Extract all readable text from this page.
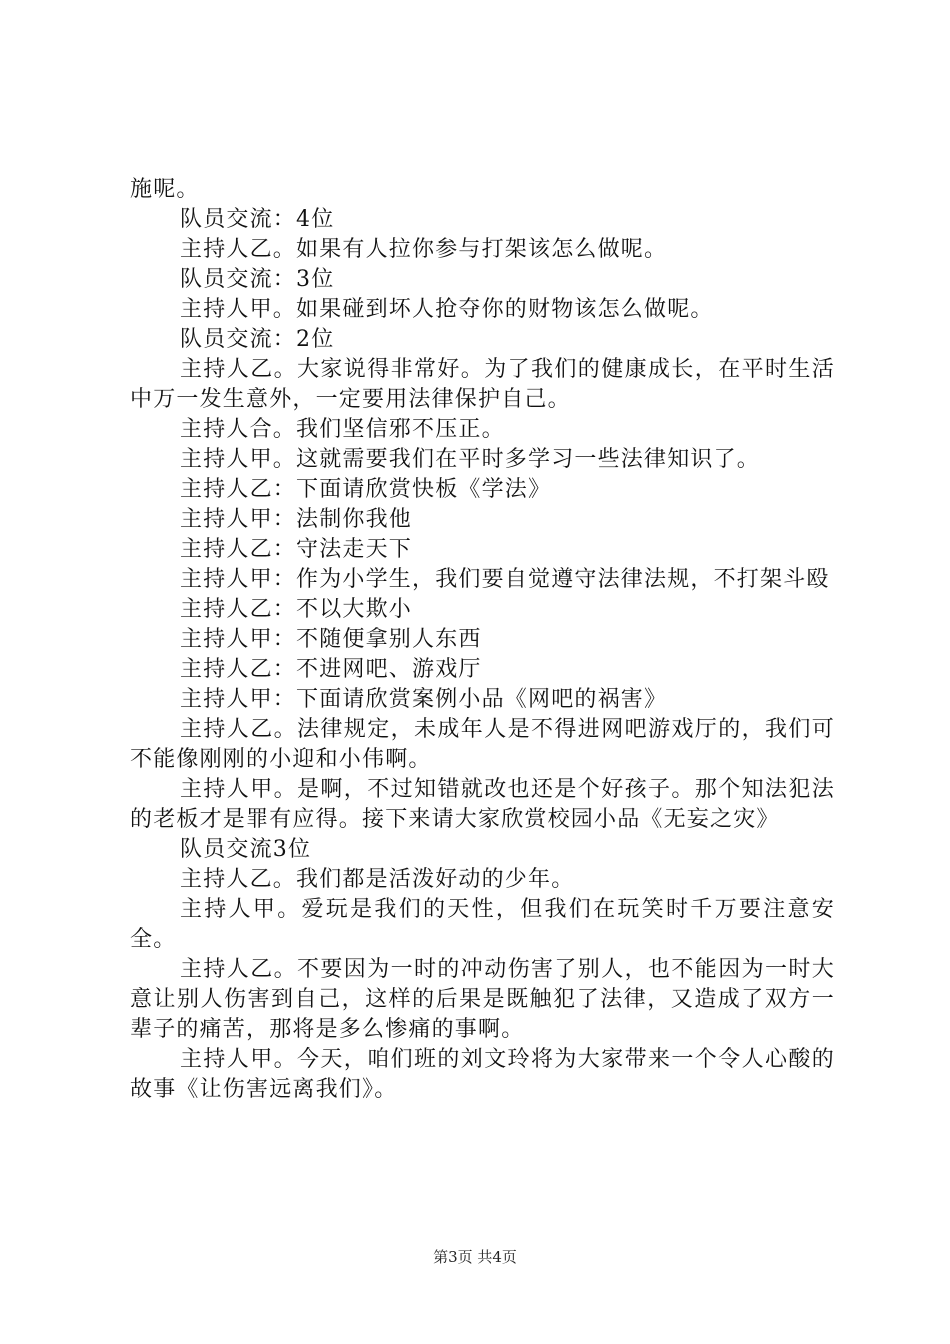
施呢。

队员交流：4位

主持人乙。如果有人拉你参与打架该怎么做呢。

队员交流：3位

主持人甲。如果碰到坏人抢夺你的财物该怎么做呢。

队员交流：2位

主持人乙。大家说得非常好。为了我们的健康成长，在平时生活中万一发生意外，一定要用法律保护自己。

主持人合。我们坚信邪不压正。

主持人甲。这就需要我们在平时多学习一些法律知识了。

主持人乙：下面请欣赏快板《学法》

主持人甲：法制你我他

主持人乙：守法走天下

主持人甲：作为小学生，我们要自觉遵守法律法规，不打架斗殴

主持人乙：不以大欺小

主持人甲：不随便拿别人东西

主持人乙：不进网吧、游戏厅

主持人甲：下面请欣赏案例小品《网吧的祸害》

主持人乙。法律规定，未成年人是不得进网吧游戏厅的，我们可不能像刚刚的小迎和小伟啊。

主持人甲。是啊，不过知错就改也还是个好孩子。那个知法犯法的老板才是罪有应得。接下来请大家欣赏校园小品《无妄之灾》

队员交流3位

主持人乙。我们都是活泼好动的少年。

主持人甲。爱玩是我们的天性，但我们在玩笑时千万要注意安全。

主持人乙。不要因为一时的冲动伤害了别人，也不能因为一时大意让别人伤害到自己，这样的后果是既触犯了法律，又造成了双方一辈子的痛苦，那将是多么惨痛的事啊。

主持人甲。今天，咱们班的刘文玲将为大家带来一个令人心酸的故事《让伤害远离我们》。

第3页 共4页
